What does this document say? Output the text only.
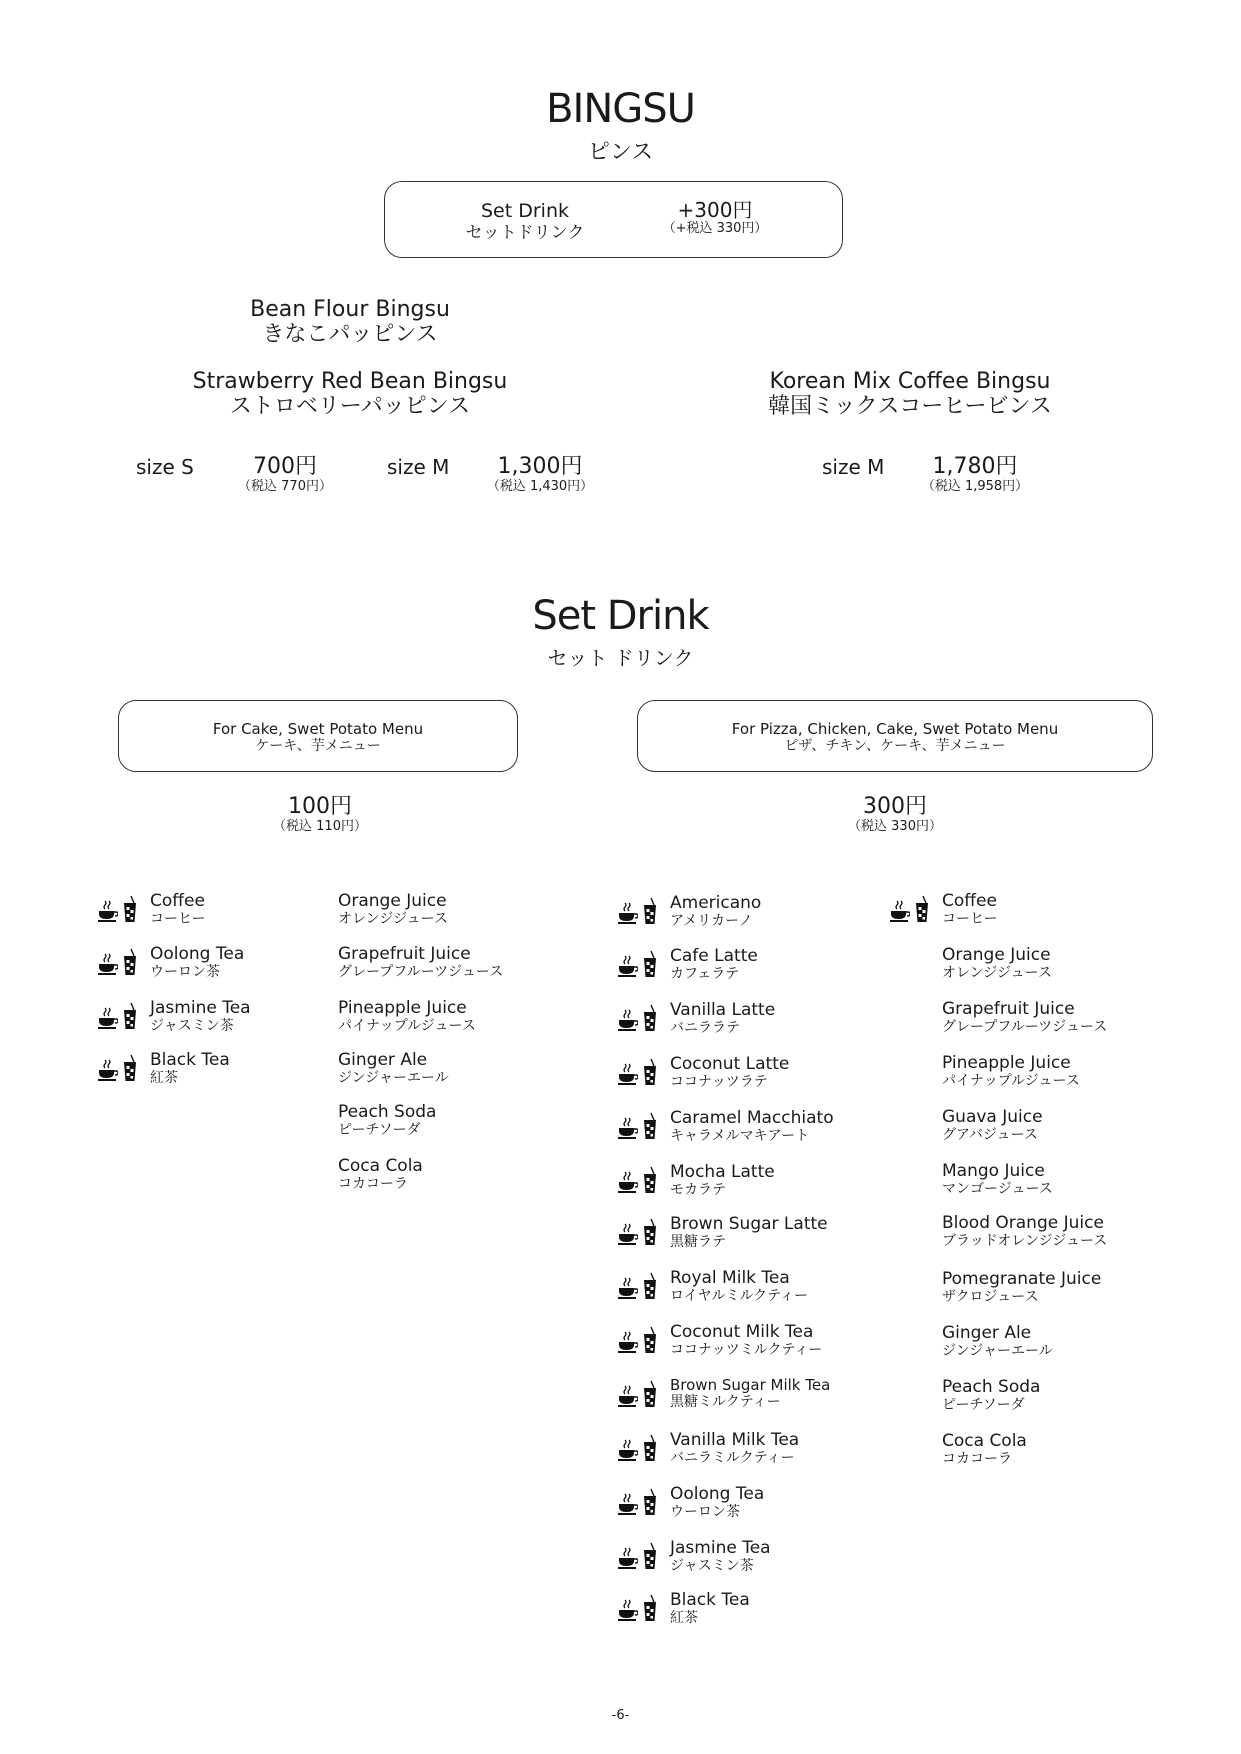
BINGSU
ピンス
Set Drink
セットドリンク
+300円
（+税込 330円）
Bean Flour Bingsu
きなこパッピンス
Strawberry Red Bean Bingsu
ストロベリーパッピンス
Korean Mix Coffee Bingsu
韓国ミックスコーヒービンス
size S	700円
（税込 770円）
size M	1,300円
（税込 1,430円）
size M	1,780円
（税込 1,958円）
Set Drink
セット ドリンク
For Cake, Swet Potato Menu
ケーキ、芋メニュー
For Pizza, Chicken, Cake, Swet Potato Menu
ピザ、チキン、ケーキ、芋メニュー
100円
（税込 110円）
300円
（税込 330円）
Coffee
コーヒー
Oolong Tea
ウーロン茶
Jasmine Tea
ジャスミン茶
Black Tea
紅茶
Orange Juice
オレンジジュース
Grapefruit Juice
グレープフルーツジュース
Pineapple Juice
パイナップルジュース
Ginger Ale
ジンジャーエール
Peach Soda
ピーチソーダ
Coca Cola
コカコーラ
Americano
アメリカーノ
Cafe Latte
カフェラテ
Vanilla Latte
バニララテ
Coconut Latte
ココナッツラテ
Caramel Macchiato
キャラメルマキアート
Mocha Latte
モカラテ
Brown Sugar Latte
黒糖ラテ
Royal Milk Tea
ロイヤルミルクティー
Coconut Milk Tea
ココナッツミルクティー
Brown Sugar Milk Tea
黒糖ミルクティー
Vanilla Milk Tea
バニラミルクティー
Oolong Tea
ウーロン茶
Jasmine Tea
ジャスミン茶
Black Tea
紅茶
Coffee
コーヒー
Orange Juice
オレンジジュース
Grapefruit Juice
グレープフルーツジュース
Pineapple Juice
パイナップルジュース
Guava Juice
グアバジュース
Mango Juice
マンゴージュース
Blood Orange Juice
ブラッドオレンジジュース
Pomegranate Juice
ザクロジュース
Ginger Ale
ジンジャーエール
Peach Soda
ピーチソーダ
Coca Cola
コカコーラ
-6-
